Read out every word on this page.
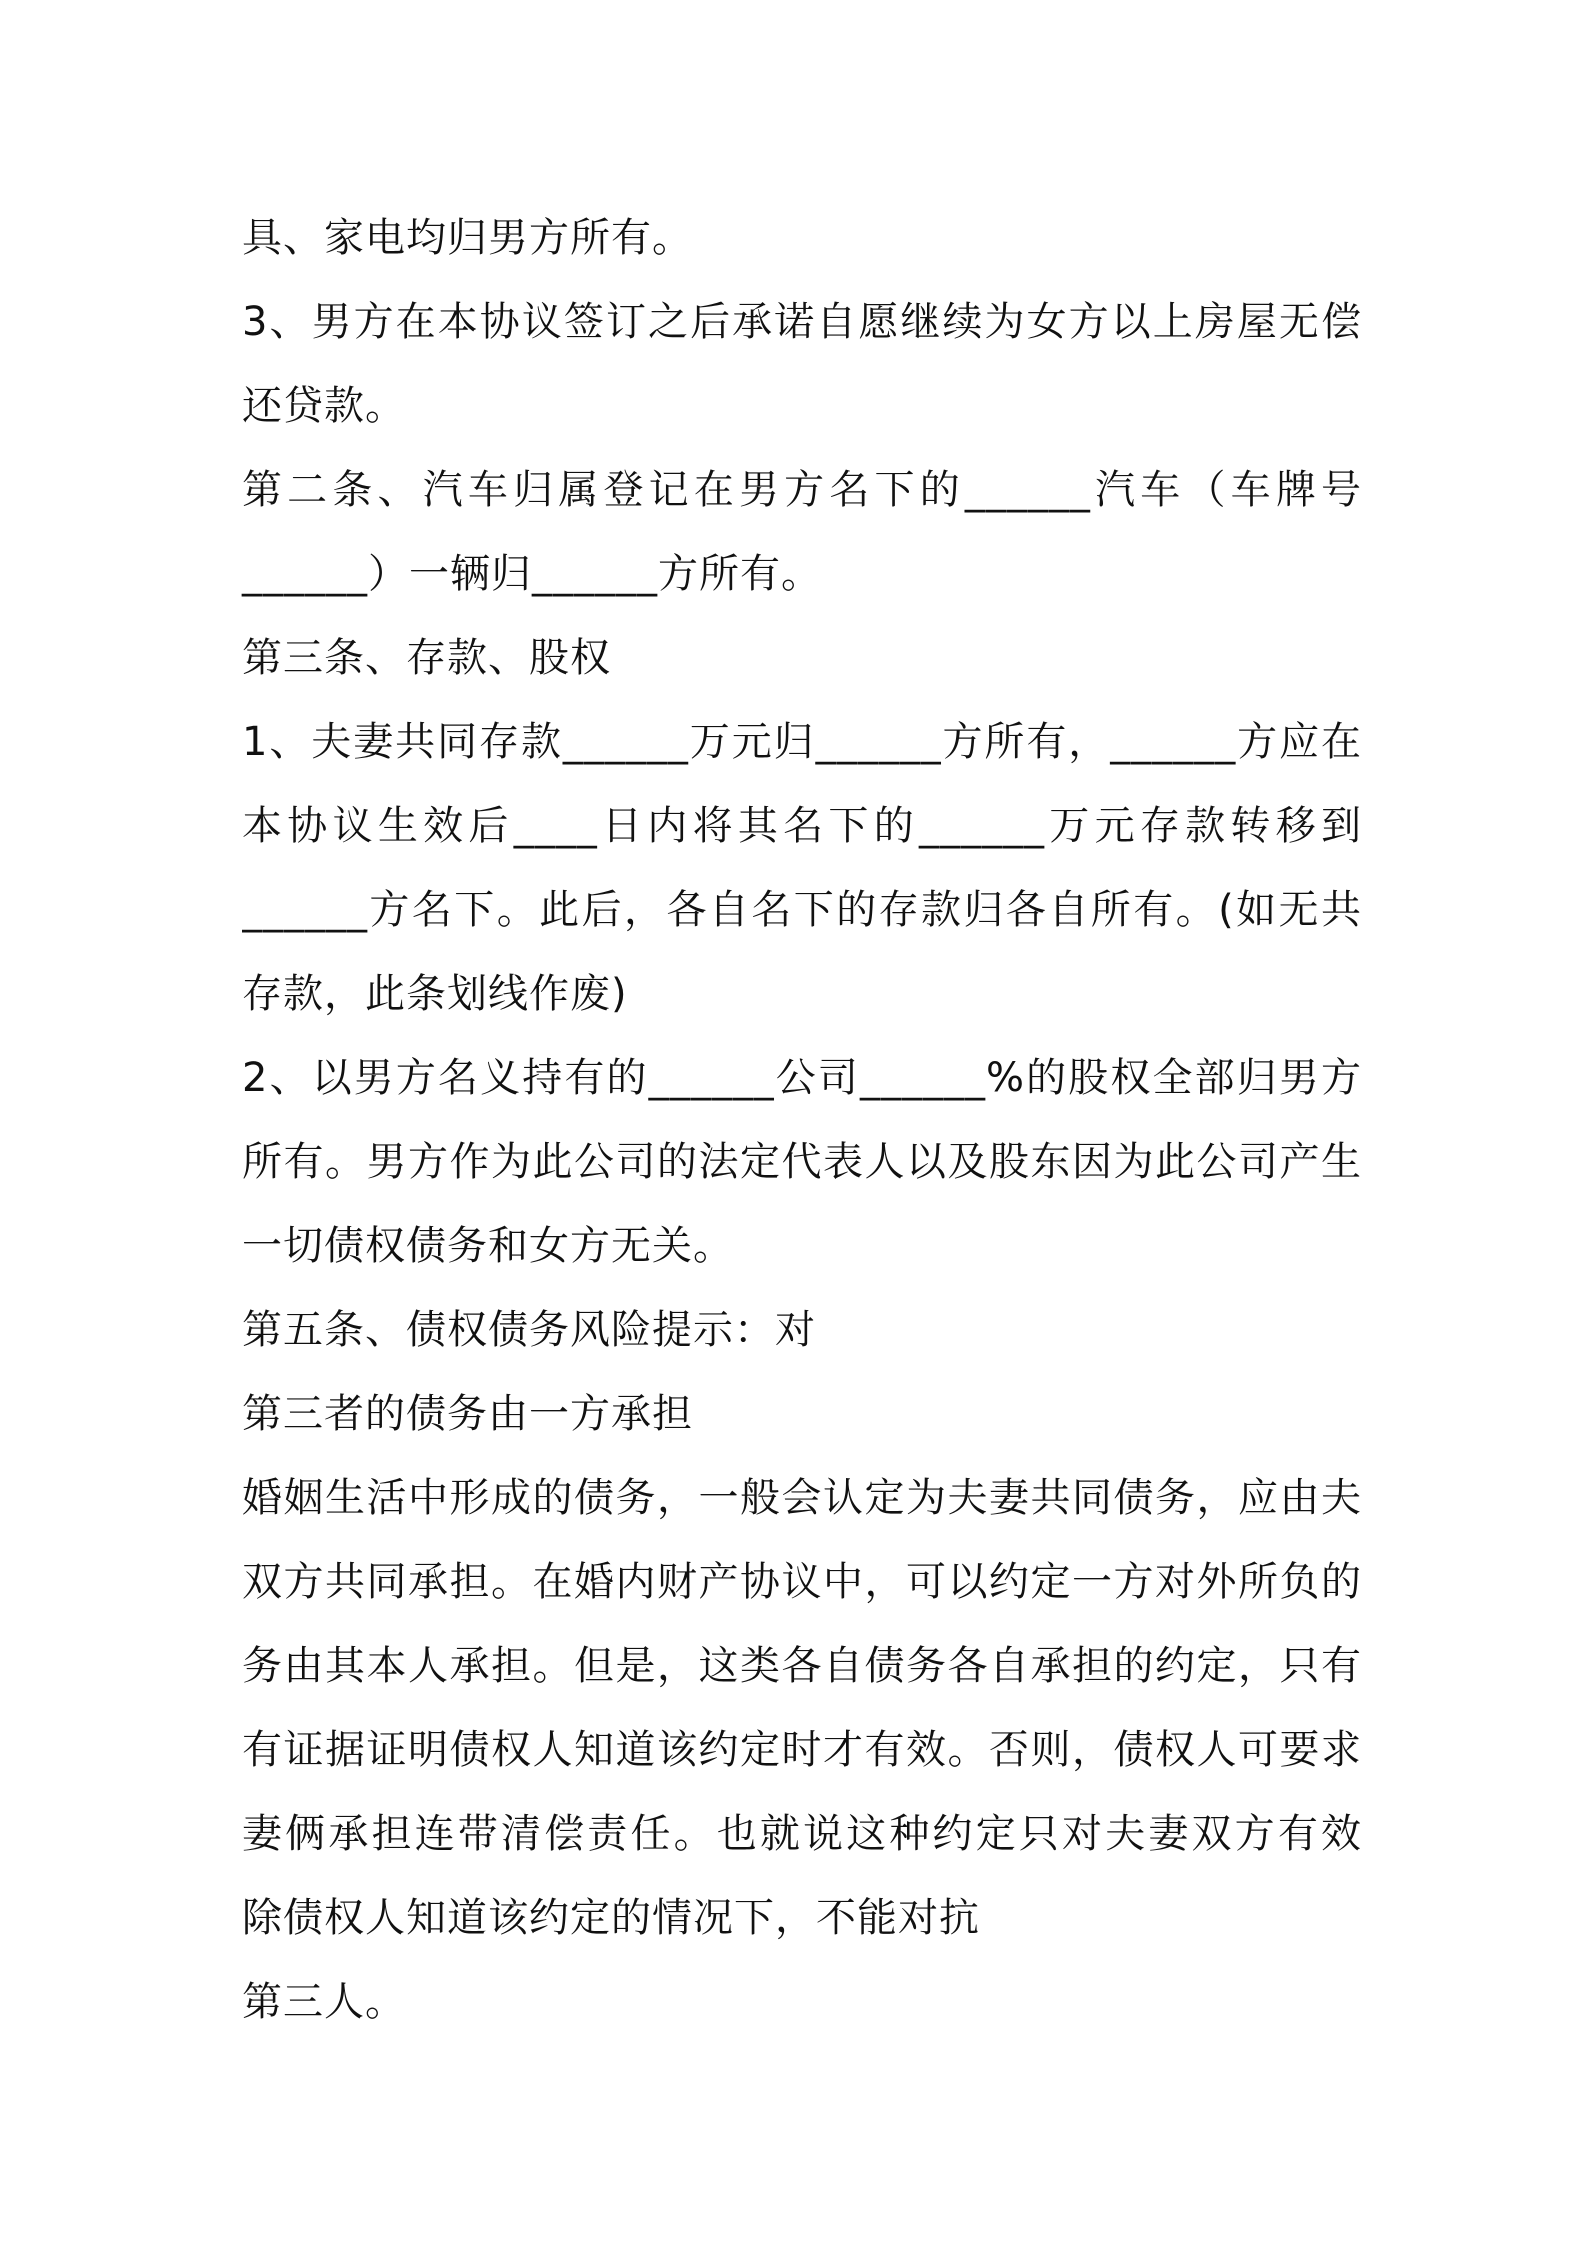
具、家电均归男方所有。
3、男方在本协议签订之后承诺自愿继续为女方以上房屋无偿
还贷款。
第二条、汽车归属登记在男方名下的______汽车（车牌号
______）一辆归______方所有。
第三条、存款、股权
1、夫妻共同存款______万元归______方所有，______方应在
本协议生效后____日内将其名下的______万元存款转移到
______方名下。此后，各自名下的存款归各自所有。(如无共
存款，此条划线作废)
2、以男方名义持有的______公司______%的股权全部归男方
所有。男方作为此公司的法定代表人以及股东因为此公司产生
一切债权债务和女方无关。
第五条、债权债务风险提示：对
第三者的债务由一方承担
婚姻生活中形成的债务，一般会认定为夫妻共同债务，应由夫
双方共同承担。在婚内财产协议中，可以约定一方对外所负的
务由其本人承担。但是，这类各自债务各自承担的约定，只有
有证据证明债权人知道该约定时才有效。否则，债权人可要求
妻俩承担连带清偿责任。也就说这种约定只对夫妻双方有效
除债权人知道该约定的情况下，不能对抗
第三人。
